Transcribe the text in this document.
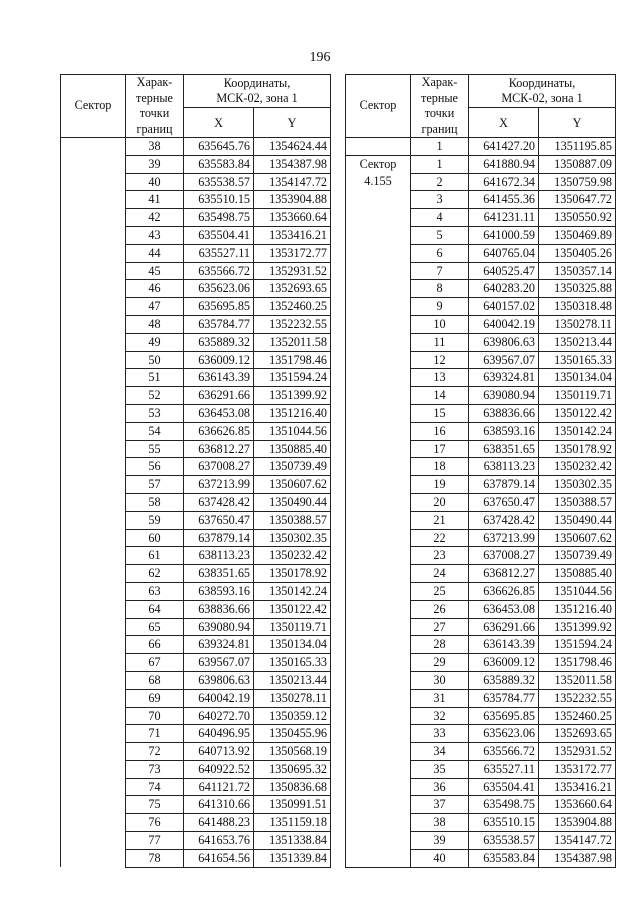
196
Сектор	Харак-
терные
точки
границ	Координаты,
МСК-02, зона 1	
		X	Y
	38	635645.76	1354624.44
	39	635583.84	1354387.98
	40	635538.57	1354147.72
	41	635510.15	1353904.88
	42	635498.75	1353660.64
	43	635504.41	1353416.21
	44	635527.11	1353172.77
	45	635566.72	1352931.52
	46	635623.06	1352693.65
	47	635695.85	1352460.25
	48	635784.77	1352232.55
	49	635889.32	1352011.58
	50	636009.12	1351798.46
	51	636143.39	1351594.24
	52	636291.66	1351399.92
	53	636453.08	1351216.40
	54	636626.85	1351044.56
	55	636812.27	1350885.40
	56	637008.27	1350739.49
	57	637213.99	1350607.62
	58	637428.42	1350490.44
	59	637650.47	1350388.57
	60	637879.14	1350302.35
	61	638113.23	1350232.42
	62	638351.65	1350178.92
	63	638593.16	1350142.24
	64	638836.66	1350122.42
	65	639080.94	1350119.71
	66	639324.81	1350134.04
	67	639567.07	1350165.33
	68	639806.63	1350213.44
	69	640042.19	1350278.11
	70	640272.70	1350359.12
	71	640496.95	1350455.96
	72	640713.92	1350568.19
	73	640922.52	1350695.32
	74	641121.72	1350836.68
	75	641310.66	1350991.51
	76	641488.23	1351159.18
	77	641653.76	1351338.84
	78	641654.56	1351339.84
Сектор	Харак-
терные
точки
границ	Координаты,
МСК-02, зона 1	
		X	Y
	1	641427.20	1351195.85
Сектор
4.155	1	641880.94	1350887.09
	2	641672.34	1350759.98
	3	641455.36	1350647.72
	4	641231.11	1350550.92
	5	641000.59	1350469.89
	6	640765.04	1350405.26
	7	640525.47	1350357.14
	8	640283.20	1350325.88
	9	640157.02	1350318.48
	10	640042.19	1350278.11
	11	639806.63	1350213.44
	12	639567.07	1350165.33
	13	639324.81	1350134.04
	14	639080.94	1350119.71
	15	638836.66	1350122.42
	16	638593.16	1350142.24
	17	638351.65	1350178.92
	18	638113.23	1350232.42
	19	637879.14	1350302.35
	20	637650.47	1350388.57
	21	637428.42	1350490.44
	22	637213.99	1350607.62
	23	637008.27	1350739.49
	24	636812.27	1350885.40
	25	636626.85	1351044.56
	26	636453.08	1351216.40
	27	636291.66	1351399.92
	28	636143.39	1351594.24
	29	636009.12	1351798.46
	30	635889.32	1352011.58
	31	635784.77	1352232.55
	32	635695.85	1352460.25
	33	635623.06	1352693.65
	34	635566.72	1352931.52
	35	635527.11	1353172.77
	36	635504.41	1353416.21
	37	635498.75	1353660.64
	38	635510.15	1353904.88
	39	635538.57	1354147.72
	40	635583.84	1354387.98
